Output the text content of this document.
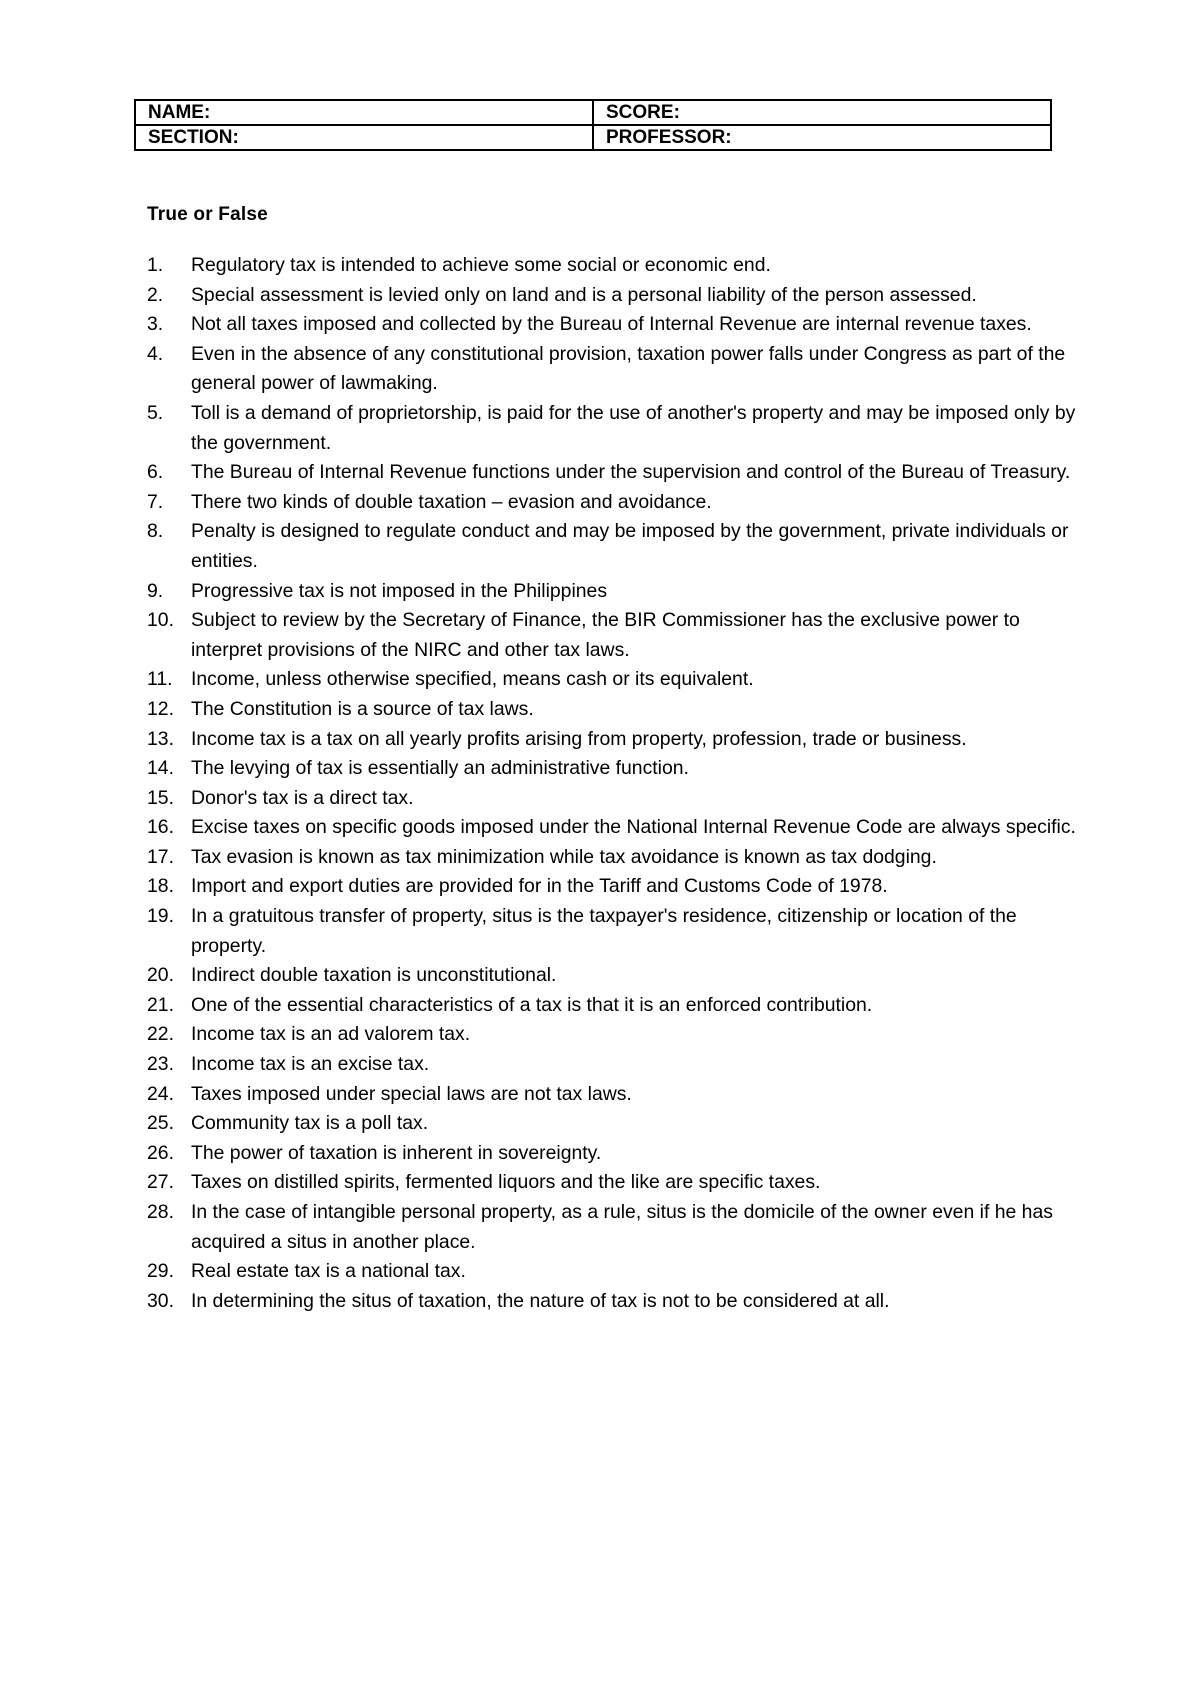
NAME:	SCORE:
SECTION:	PROFESSOR:
True or False
1.	Regulatory tax is intended to achieve some social or economic end.
2.	Special assessment is levied only on land and is a personal liability of the person assessed.
3.	Not all taxes imposed and collected by the Bureau of Internal Revenue are internal revenue taxes.
4.	Even in the absence of any constitutional provision, taxation power falls under Congress as part of the general power of lawmaking.
5.	Toll is a demand of proprietorship, is paid for the use of another's property and may be imposed only by the government.
6.	The Bureau of Internal Revenue functions under the supervision and control of the Bureau of Treasury.
7.	There two kinds of double taxation – evasion and avoidance.
8.	Penalty is designed to regulate conduct and may be imposed by the government, private individuals or entities.
9.	Progressive tax is not imposed in the Philippines
10. Subject to review by the Secretary of Finance, the BIR Commissioner has the exclusive power to interpret provisions of the NIRC and other tax laws.
11. Income, unless otherwise specified, means cash or its equivalent.
12. The Constitution is a source of tax laws.
13. Income tax is a tax on all yearly profits arising from property, profession, trade or business.
14. The levying of tax is essentially an administrative function.
15. Donor's tax is a direct tax.
16. Excise taxes on specific goods imposed under the National Internal Revenue Code are always specific.
17. Tax evasion is known as tax minimization while tax avoidance is known as tax dodging.
18. Import and export duties are provided for in the Tariff and Customs Code of 1978.
19. In a gratuitous transfer of property, situs is the taxpayer's residence, citizenship or location of the property.
20. Indirect double taxation is unconstitutional.
21. One of the essential characteristics of a tax is that it is an enforced contribution.
22. Income tax is an ad valorem tax.
23. Income tax is an excise tax.
24. Taxes imposed under special laws are not tax laws.
25. Community tax is a poll tax.
26. The power of taxation is inherent in sovereignty.
27. Taxes on distilled spirits, fermented liquors and the like are specific taxes.
28. In the case of intangible personal property, as a rule, situs is the domicile of the owner even if he has acquired a situs in another place.
29. Real estate tax is a national tax.
30. In determining the situs of taxation, the nature of tax is not to be considered at all.
